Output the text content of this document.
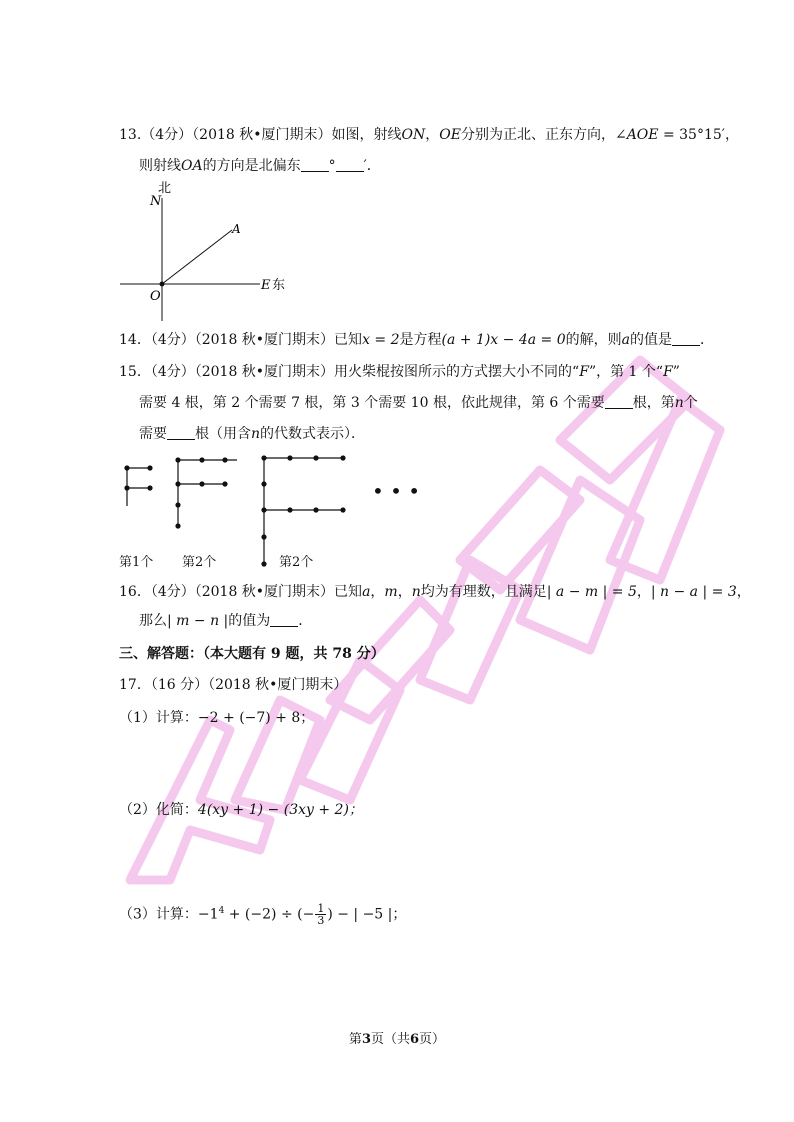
13.（4分）（2018 秋•厦门期末）如图，射线ON，OE分别为正北、正东方向，∠AOE = 35°15′，
则射线OA的方向是北偏东 ° ′．
北
N
A
O
E 东
14．（4分）（2018 秋•厦门期末）已知x = 2是方程(a + 1)x − 4a = 0的解，则a的值是 ．
15．（4分）（2018 秋•厦门期末）用火柴棍按图所示的方式摆大小不同的“F”，第 1 个“F”
需要 4 根，第 2 个需要 7 根，第 3 个需要 10 根，依此规律，第 6 个需要 根，第n个
需要 根（用含n的代数式表示）．
• • •
第1个 第2个	第2个
16．（4分）（2018 秋•厦门期末）已知a，m，n均为有理数，且满足| a − m | = 5，| n − a | = 3，
那么| m − n |的值为 ．
三、解答题：（本大题有 9 题，共 78 分）
17．（16 分）（2018 秋•厦门期末）
（1）计算：−2 + (−7) + 8；
（2）化简：4(xy + 1) − (3xy + 2)；
（3）计算：$-1^4 + (-2)$ ÷ (− $\frac{1}{3}$ ) − | −5 |；
第3页（共6页）
